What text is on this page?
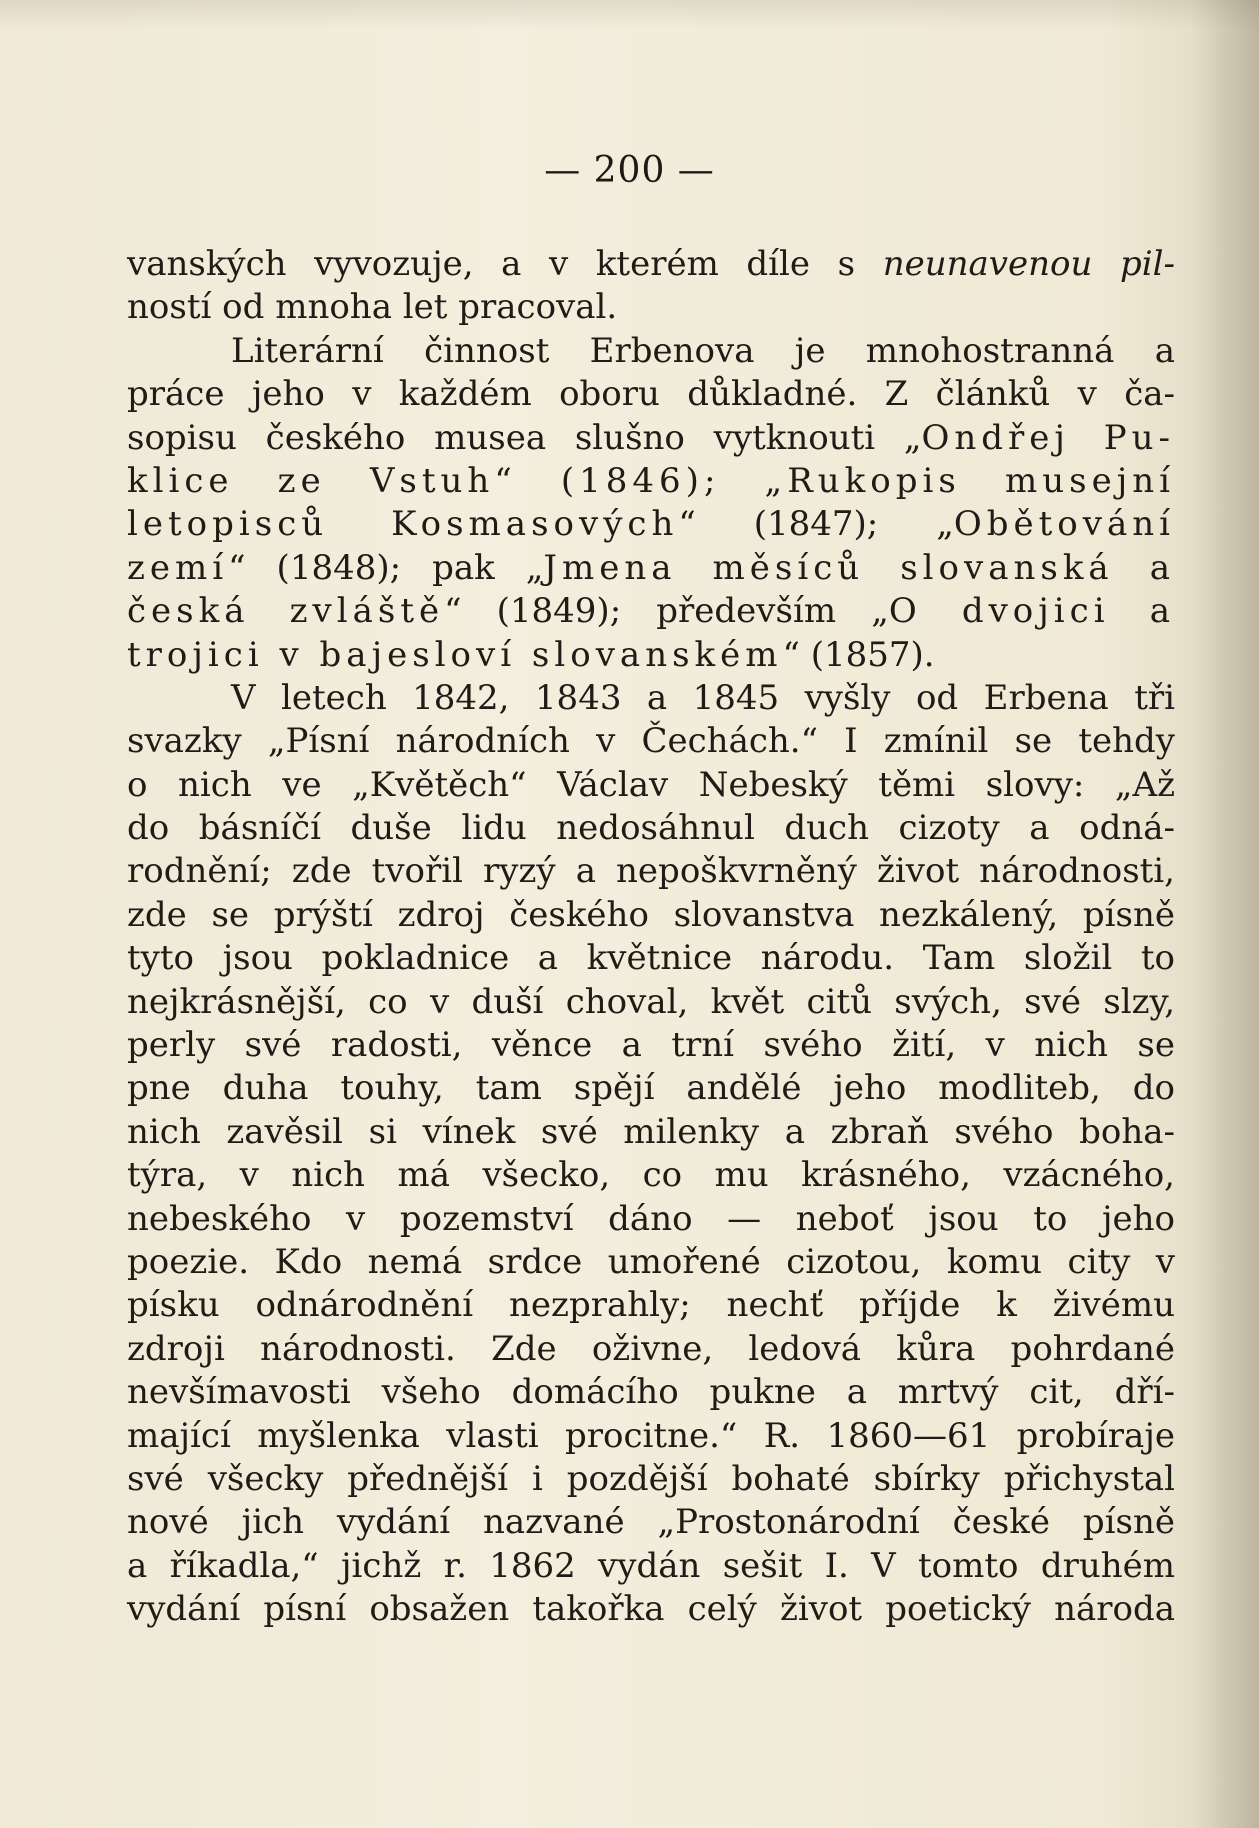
— 200 —
vanských vyvozuje, a v kterém díle s neunavenou pil-
ností od mnoha let pracoval.
Literární činnost Erbenova je mnohostranná a
práce jeho v každém oboru důkladné. Z článků v ča-
sopisu českého musea slušno vytknouti „Ondřej Pu-
klice ze Vstuh“ (1846); „Rukopis musejní
letopisců Kosmasových“ (1847); „Obětování
zemí“ (1848); pak „Jmena měsíců slovanská a
česká zvláště“ (1849); především „O dvojici a
trojici v bajesloví slovanském“ (1857).
V letech 1842, 1843 a 1845 vyšly od Erbena tři
svazky „Písní národních v Čechách.“ I zmínil se tehdy
o nich ve „Květěch“ Václav Nebeský těmi slovy: „Až
do básníčí duše lidu nedosáhnul duch cizoty a odná-
rodnění; zde tvořil ryzý a nepoškvrněný život národnosti,
zde se prýští zdroj českého slovanstva nezkálený, písně
tyto jsou pokladnice a květnice národu. Tam složil to
nejkrásnější, co v duší choval, květ citů svých, své slzy,
perly své radosti, věnce a trní svého žití, v nich se
pne duha touhy, tam spějí andělé jeho modliteb, do
nich zavěsil si vínek své milenky a zbraň svého boha-
týra, v nich má všecko, co mu krásného, vzácného,
nebeského v pozemství dáno — neboť jsou to jeho
poezie. Kdo nemá srdce umořené cizotou, komu city v
písku odnárodnění nezprahly; nechť příjde k živému
zdroji národnosti. Zde oživne, ledová kůra pohrdané
nevšímavosti všeho domácího pukne a mrtvý cit, dří-
mající myšlenka vlasti procitne.“ R. 1860—61 probíraje
své všecky přednější i pozdější bohaté sbírky přichystal
nové jich vydání nazvané „Prostonárodní české písně
a říkadla,“ jichž r. 1862 vydán sešit I. V tomto druhém
vydání písní obsažen takořka celý život poetický národa
